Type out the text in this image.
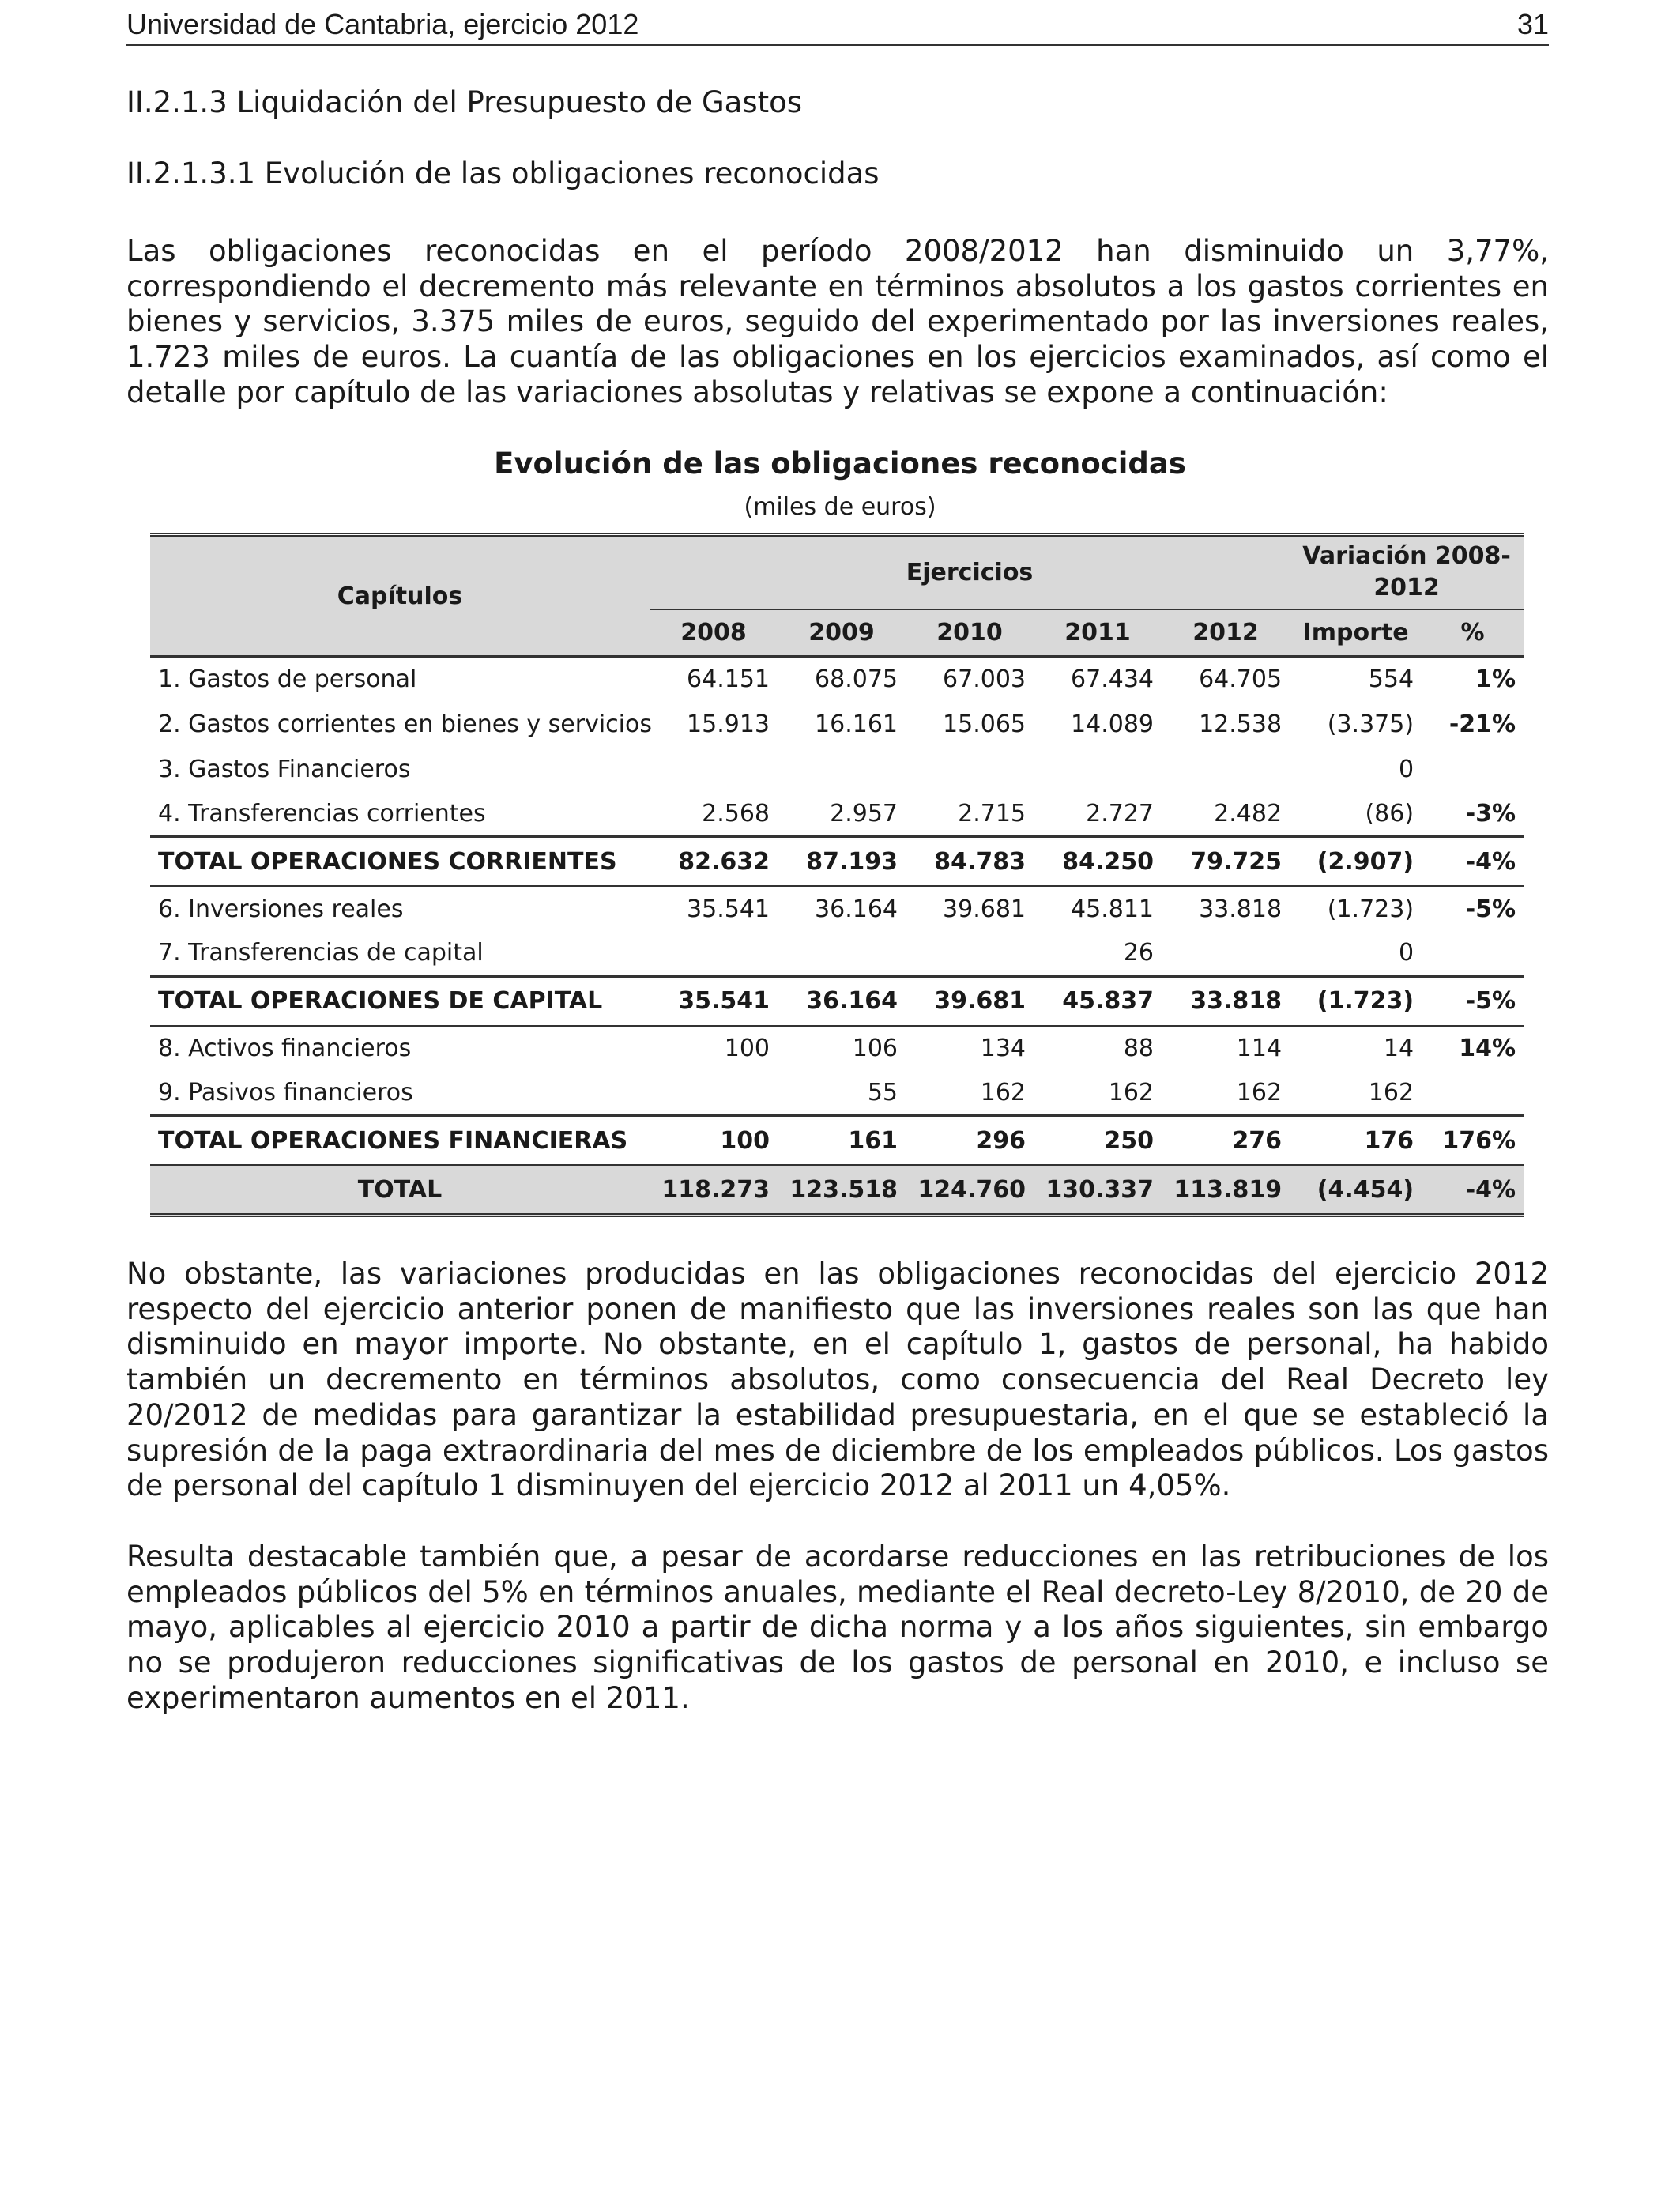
Universidad de Cantabria, ejercicio 2012	31
II.2.1.3 Liquidación del Presupuesto de Gastos
II.2.1.3.1 Evolución de las obligaciones reconocidas

Las obligaciones reconocidas en el período 2008/2012 han disminuido un 3,77%, correspondiendo el decremento más relevante en términos absolutos a los gastos corrientes en bienes y servicios, 3.375 miles de euros, seguido del experimentado por las inversiones reales, 1.723 miles de euros. La cuantía de las obligaciones en los ejercicios examinados, así como el detalle por capítulo de las variaciones absolutas y relativas se expone a continuación:

Evolución de las obligaciones reconocidas
(miles de euros)
Capítulos	Ejercicios					Variación 2008-2012	
	2008	2009	2010	2011	2012	Importe	%
1. Gastos de personal	64.151	68.075	67.003	67.434	64.705	554	1%
2. Gastos corrientes en bienes y servicios	15.913	16.161	15.065	14.089	12.538	(3.375)	-21%
3. Gastos Financieros						0	
4. Transferencias corrientes	2.568	2.957	2.715	2.727	2.482	(86)	-3%
TOTAL OPERACIONES CORRIENTES	82.632	87.193	84.783	84.250	79.725	(2.907)	-4%
6. Inversiones reales	35.541	36.164	39.681	45.811	33.818	(1.723)	-5%
7. Transferencias de capital				26		0	
TOTAL OPERACIONES DE CAPITAL	35.541	36.164	39.681	45.837	33.818	(1.723)	-5%
8. Activos financieros	100	106	134	88	114	14	14%
9. Pasivos financieros		55	162	162	162	162	
TOTAL OPERACIONES FINANCIERAS	100	161	296	250	276	176	176%
TOTAL	118.273	123.518	124.760	130.337	113.819	(4.454)	-4%

No obstante, las variaciones producidas en las obligaciones reconocidas del ejercicio 2012 respecto del ejercicio anterior ponen de manifiesto que las inversiones reales son las que han disminuido en mayor importe. No obstante, en el capítulo 1, gastos de personal, ha habido también un decremento en términos absolutos, como consecuencia del Real Decreto ley 20/2012 de medidas para garantizar la estabilidad presupuestaria, en el que se estableció la supresión de la paga extraordinaria del mes de diciembre de los empleados públicos. Los gastos de personal del capítulo 1 disminuyen del ejercicio 2012 al 2011 un 4,05%.

Resulta destacable también que, a pesar de acordarse reducciones en las retribuciones de los empleados públicos del 5% en términos anuales, mediante el Real decreto-Ley 8/2010, de 20 de mayo, aplicables al ejercicio 2010 a partir de dicha norma y a los años siguientes, sin embargo no se produjeron reducciones significativas de los gastos de personal en 2010, e incluso se experimentaron aumentos en el 2011.
